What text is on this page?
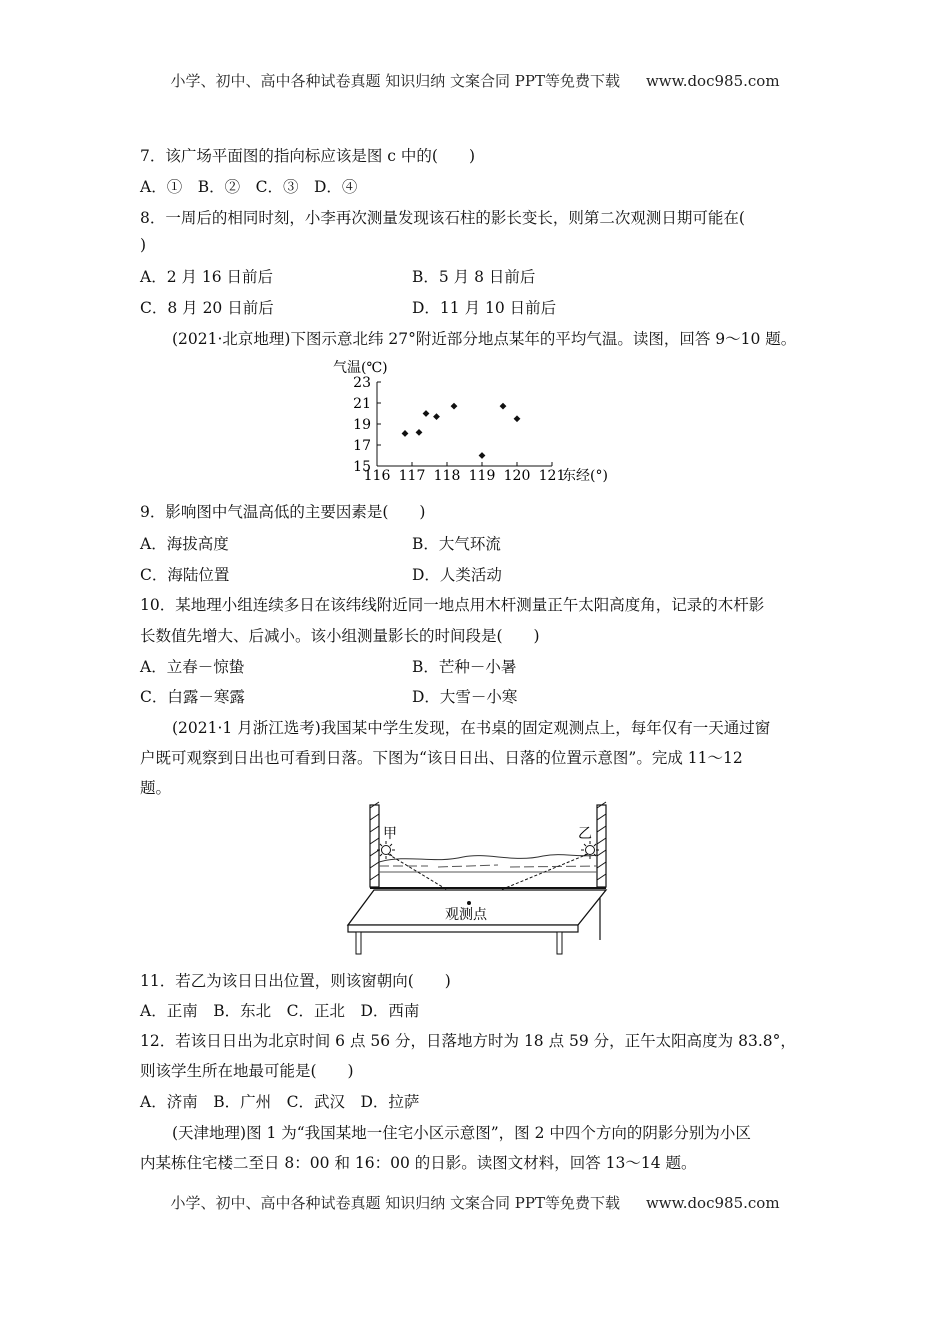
小学、初中、高中各种试卷真题 知识归纳 文案合同 PPT等免费下载 www.doc985.com
7．该广场平面图的指向标应该是图 c 中的(　　)
A．①　B．②　C．③　D．④
8．一周后的相同时刻，小李再次测量发现该石柱的影长变长，则第二次观测日期可能在(
)
A．2 月 16 日前后	B．5 月 8 日前后
C．8 月 20 日前后	D．11 月 10 日前后
(2021·北京地理)下图示意北纬 27°附近部分地点某年的平均气温。读图，回答 9～10 题。
气温(℃)
15
17
19
21
23
116 117 118 119 120 121
东经(°)
9．影响图中气温高低的主要因素是(　　)
A．海拔高度	B．大气环流
C．海陆位置	D．人类活动
10．某地理小组连续多日在该纬线附近同一地点用木杆测量正午太阳高度角，记录的木杆影
长数值先增大、后减小。该小组测量影长的时间段是(　　)
A．立春－惊蛰	B．芒种－小暑
C．白露－寒露	D．大雪－小寒
(2021·1 月浙江选考)我国某中学生发现，在书桌的固定观测点上，每年仅有一天通过窗
户既可观察到日出也可看到日落。下图为“该日日出、日落的位置示意图”。完成 11～12
题。
甲	乙
观测点
11．若乙为该日日出位置，则该窗朝向(　　)
A．正南　B．东北　C．正北　D．西南
12．若该日日出为北京时间 6 点 56 分，日落地方时为 18 点 59 分，正午太阳高度为 83.8°，
则该学生所在地最可能是(　　)
A．济南　B．广州　C．武汉　D．拉萨
(天津地理)图 1 为“我国某地一住宅小区示意图”，图 2 中四个方向的阴影分别为小区
内某栋住宅楼二至日 8：00 和 16：00 的日影。读图文材料，回答 13～14 题。
小学、初中、高中各种试卷真题 知识归纳 文案合同 PPT等免费下载 www.doc985.com
